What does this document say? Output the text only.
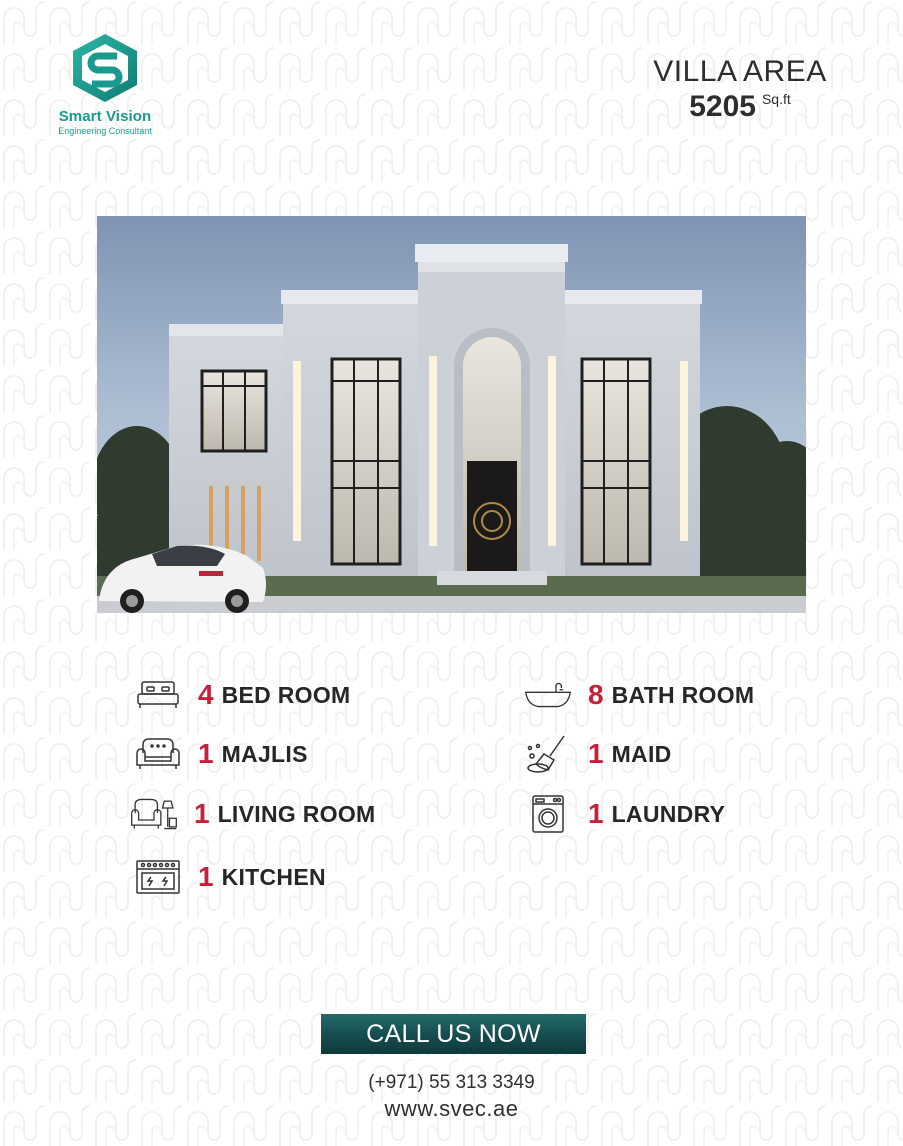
Smart Vision
Engineering Consultant
VILLA AREA
5205 Sq.ft
4 BED ROOM	8 BATH ROOM
1 MAJLIS	1 MAID
1 LIVING ROOM	1 LAUNDRY
1 KITCHEN
CALL US NOW
(+971) 55 313 3349
www.svec.ae
